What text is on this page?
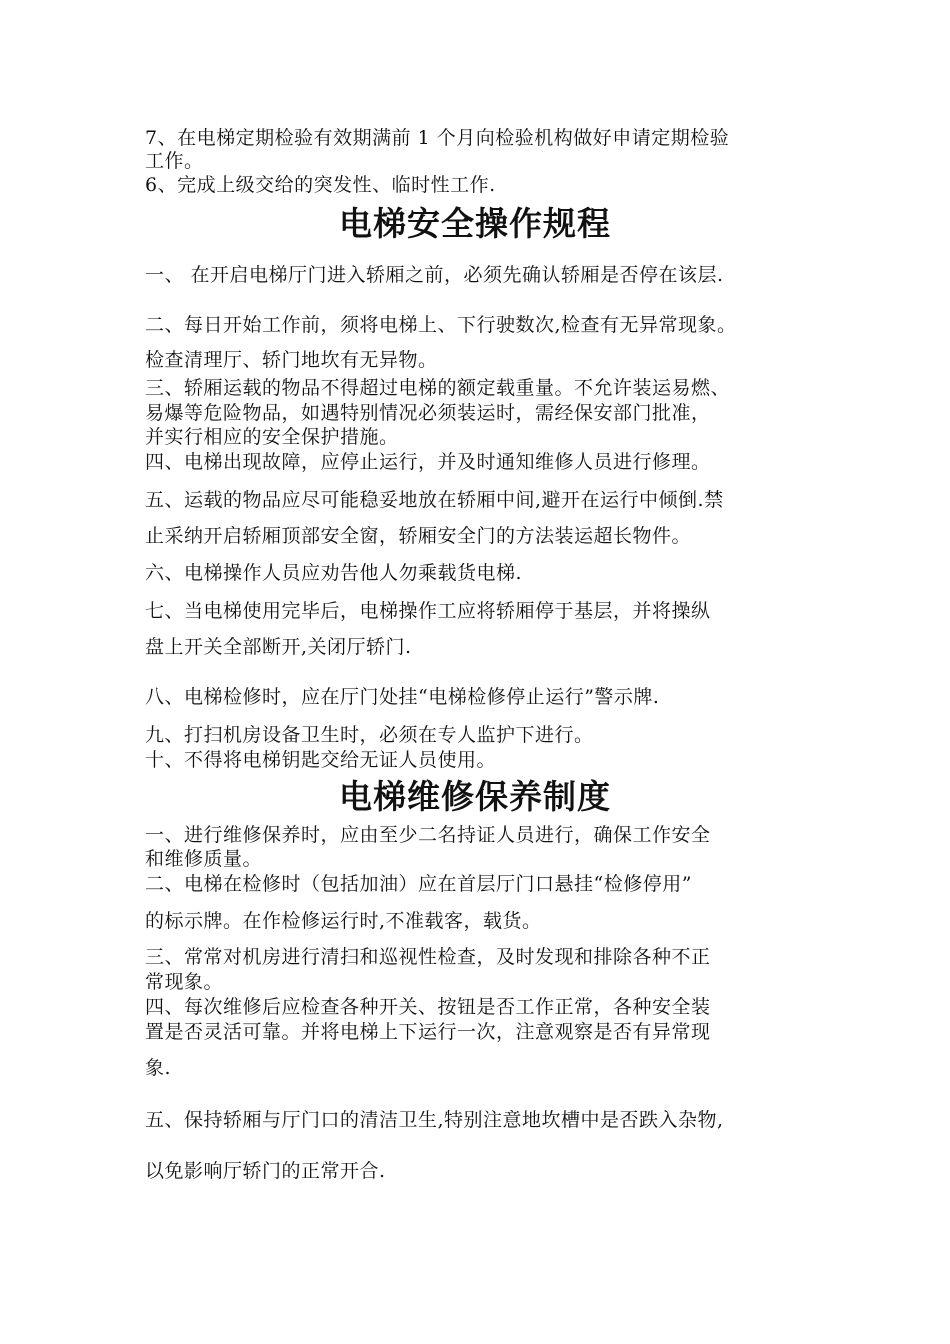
7、在电梯定期检验有效期满前 1 个月向检验机构做好申请定期检验
工作。
6、完成上级交给的突发性、临时性工作.
电梯安全操作规程
一、 在开启电梯厅门进入轿厢之前，必须先确认轿厢是否停在该层.
二、每日开始工作前，须将电梯上、下行驶数次,检查有无异常现象。
检查清理厅、轿门地坎有无异物。
三、轿厢运载的物品不得超过电梯的额定载重量。不允许装运易燃、
易爆等危险物品，如遇特别情况必须装运时，需经保安部门批准，
并实行相应的安全保护措施。
四、电梯出现故障，应停止运行，并及时通知维修人员进行修理。
五、运载的物品应尽可能稳妥地放在轿厢中间,避开在运行中倾倒.禁
止采纳开启轿厢顶部安全窗，轿厢安全门的方法装运超长物件。
六、电梯操作人员应劝告他人勿乘载货电梯.
七、当电梯使用完毕后，电梯操作工应将轿厢停于基层，并将操纵
盘上开关全部断开,关闭厅轿门.
八、电梯检修时，应在厅门处挂“电梯检修停止运行”警示牌.
九、打扫机房设备卫生时，必须在专人监护下进行。
十、不得将电梯钥匙交给无证人员使用。
电梯维修保养制度
一、进行维修保养时，应由至少二名持证人员进行，确保工作安全
和维修质量。
二、电梯在检修时（包括加油）应在首层厅门口悬挂“检修停用”
的标示牌。在作检修运行时,不准载客，载货。
三、常常对机房进行清扫和巡视性检查，及时发现和排除各种不正
常现象。
四、每次维修后应检查各种开关、按钮是否工作正常，各种安全装
置是否灵活可靠。并将电梯上下运行一次，注意观察是否有异常现
象.
五、保持轿厢与厅门口的清洁卫生,特别注意地坎槽中是否跌入杂物,
以免影响厅轿门的正常开合.
